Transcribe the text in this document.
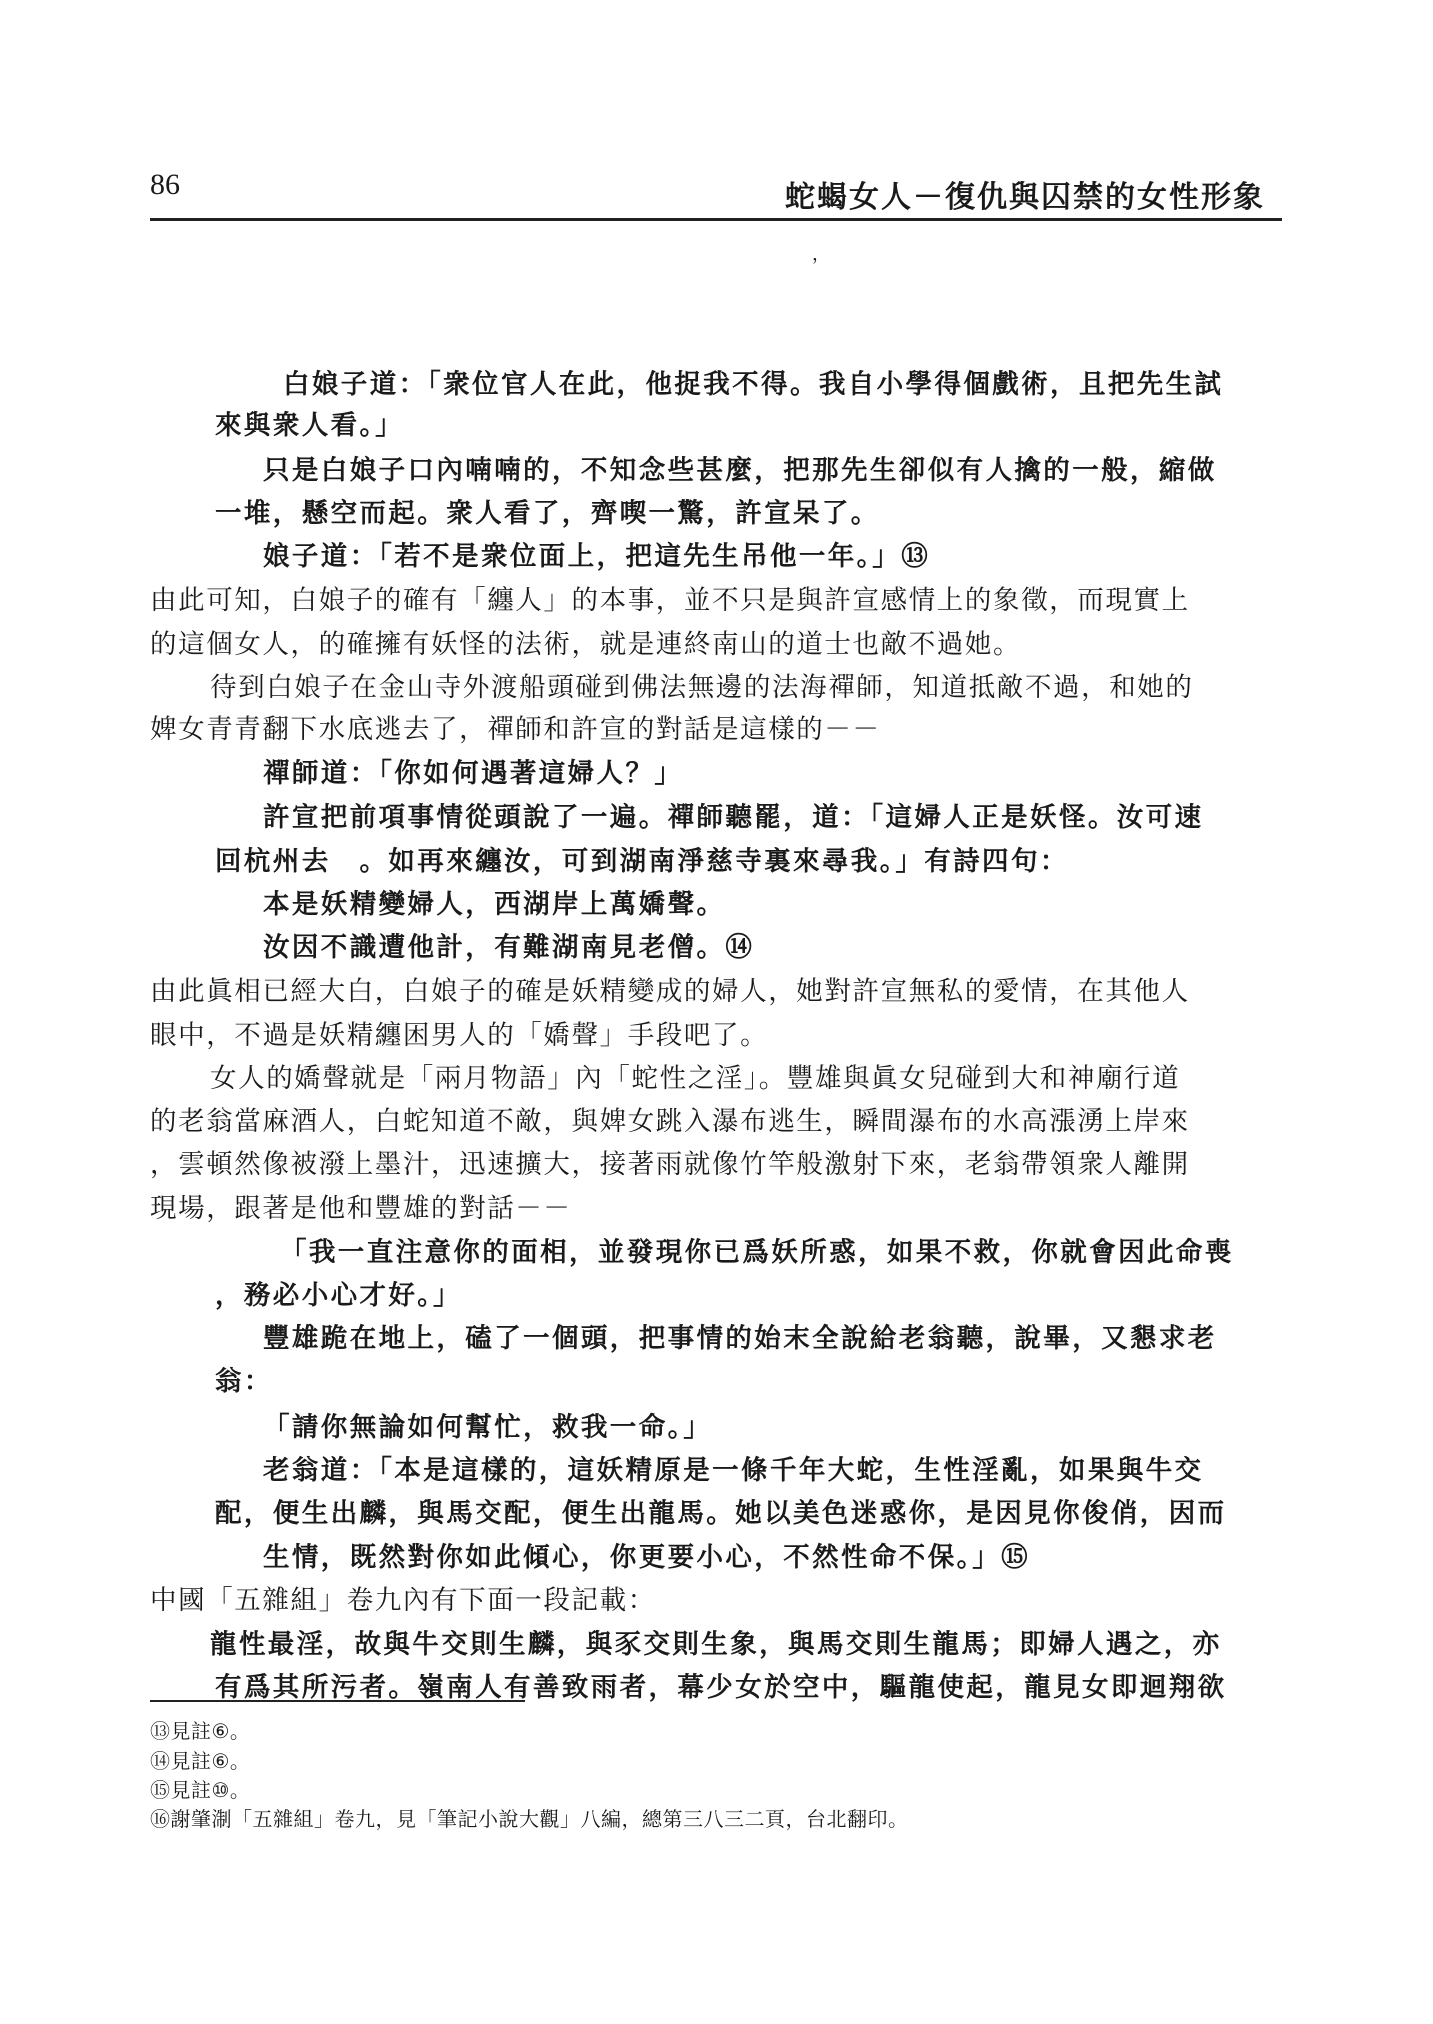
86	蛇蝎女人－復仇與囚禁的女性形象
，
白娘子道：「衆位官人在此，他捉我不得。我自小學得個戲術，且把先生試
來與衆人看。」
只是白娘子口內喃喃的，不知念些甚麼，把那先生卻似有人擒的一般，縮做
一堆，懸空而起。衆人看了，齊喫一驚，許宣呆了。
娘子道：「若不是衆位面上，把這先生吊他一年。」⑬
由此可知，白娘子的確有「纏人」的本事，並不只是與許宣感情上的象徵，而現實上
的這個女人，的確擁有妖怪的法術，就是連終南山的道士也敵不過她。
待到白娘子在金山寺外渡船頭碰到佛法無邊的法海禪師，知道抵敵不過，和她的
婢女青青翻下水底逃去了，禪師和許宣的對話是這樣的－－
禪師道：「你如何遇著這婦人？」
許宣把前項事情從頭說了一遍。禪師聽罷，道：「這婦人正是妖怪。汝可速
回杭州去　。如再來纏汝，可到湖南淨慈寺裏來尋我。」有詩四句：
本是妖精變婦人，西湖岸上萬嬌聲。
汝因不識遭他計，有難湖南見老僧。⑭
由此眞相已經大白，白娘子的確是妖精變成的婦人，她對許宣無私的愛情，在其他人
眼中，不過是妖精纏困男人的「嬌聲」手段吧了。
女人的嬌聲就是「兩月物語」內「蛇性之淫」。豐雄與眞女兒碰到大和神廟行道
的老翁當麻酒人，白蛇知道不敵，與婢女跳入瀑布逃生，瞬間瀑布的水高漲湧上岸來
，雲頓然像被潑上墨汁，迅速擴大，接著雨就像竹竿般激射下來，老翁帶領衆人離開
現場，跟著是他和豐雄的對話－－
「我一直注意你的面相，並發現你已爲妖所惑，如果不救，你就會因此命喪
，務必小心才好。」
豐雄跪在地上，磕了一個頭，把事情的始末全說給老翁聽，說畢，又懇求老
翁：
「請你無論如何幫忙，救我一命。」
老翁道：「本是這樣的，這妖精原是一條千年大蛇，生性淫亂，如果與牛交
配，便生出麟，與馬交配，便生出龍馬。她以美色迷惑你，是因見你俊俏，因而
生情，既然對你如此傾心，你更要小心，不然性命不保。」⑮
中國「五雜組」卷九內有下面一段記載：
龍性最淫，故與牛交則生麟，與豕交則生象，與馬交則生龍馬；即婦人遇之，亦
有爲其所污者。嶺南人有善致雨者，幕少女於空中，驅龍使起，龍見女即迴翔欲
⑬見註⑥。
⑭見註⑥。
⑮見註⑩。
⑯謝肇淛「五雜組」卷九，見「筆記小說大觀」八編，總第三八三二頁，台北翻印。
